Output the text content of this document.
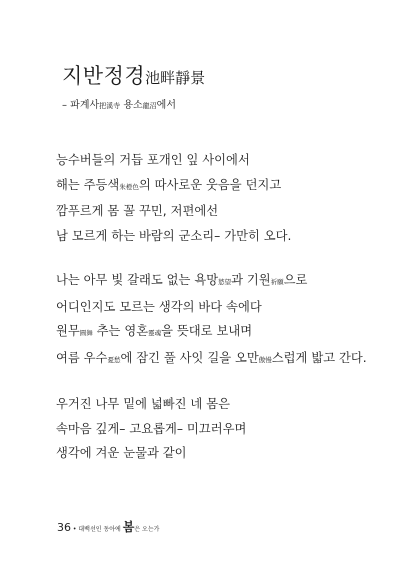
지반정경池畔靜景
– 파계사把溪寺 용소龍沼에서
능수버들의 거듭 포개인 잎 사이에서
해는 주등색朱橙色의 따사로운 웃음을 던지고
깜푸르게 몸 꼴 꾸민, 저편에선
남 모르게 하는 바람의 군소리– 가만히 오다.
나는 아무 빛 갈래도 없는 욕망慾望과 기원祈願으로
어디인지도 모르는 생각의 바다 속에다
원무圓舞 추는 영혼靈魂을 뜻대로 보내며
여름 우수憂愁에 잠긴 풀 사잇 길을 오만傲慢스럽게 밟고 간다.
우거진 나무 밑에 넓빠진 네 몸은
속마음 깊게– 고요롭게– 미끄러우며
생각에 겨운 눈물과 같이
36 • 대백선인 동아에 봄은 오는가
